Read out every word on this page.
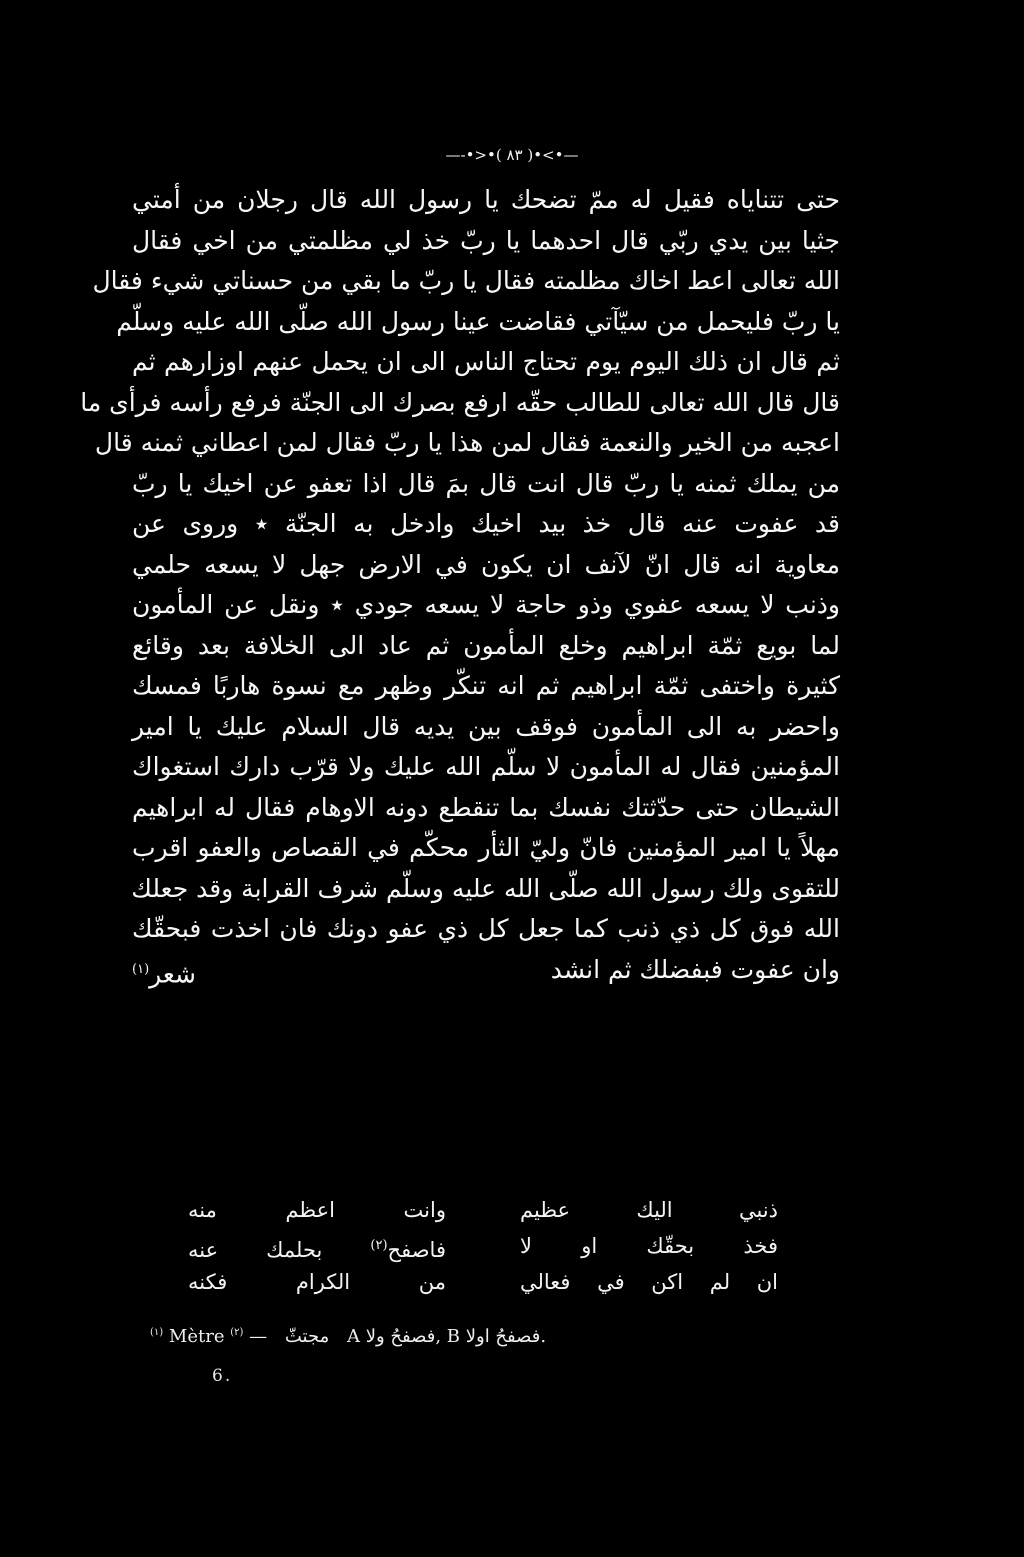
—-•>•( ٨٣ )•<•—
حتى تتناياه فقيل له ممّ تضحك يا رسول الله قال رجلان من أمتي
جثيا بين يدي ربّي قال احدهما يا ربّ خذ لي مظلمتي من اخي فقال
الله تعالى اعط اخاك مظلمته فقال يا ربّ ما بقي من حسناتي شيء فقال
يا ربّ فليحمل من سيّآتي فقاضت عينا رسول الله صلّى الله عليه وسلّم
ثم قال ان ذلك اليوم يوم تحتاج الناس الى ان يحمل عنهم اوزارهم ثم
قال قال الله تعالى للطالب حقّه ارفع بصرك الى الجنّة فرفع رأسه فرأى ما
اعجبه من الخير والنعمة فقال لمن هذا يا ربّ فقال لمن اعطاني ثمنه قال
من يملك ثمنه يا ربّ قال انت قال بمَ قال اذا تعفو عن اخيك يا ربّ
قد عفوت عنه قال خذ بيد اخيك وادخل به الجنّة ٭ وروى عن
معاوية انه قال انّ لآنف ان يكون في الارض جهل لا يسعه حلمي
وذنب لا يسعه عفوي وذو حاجة لا يسعه جودي ٭ ونقل عن المأمون
لما بويع ثمّة ابراهيم وخلع المأمون ثم عاد الى الخلافة بعد وقائع
كثيرة واختفى ثمّة ابراهيم ثم انه تنكّر وظهر مع نسوة هاربًا فمسك
واحضر به الى المأمون فوقف بين يديه قال السلام عليك يا امير
المؤمنين فقال له المأمون لا سلّم الله عليك ولا قرّب دارك استغواك
الشيطان حتى حدّثتك نفسك بما تنقطع دونه الاوهام فقال له ابراهيم
مهلاً يا امير المؤمنين فانّ وليّ الثأر محكّم في القصاص والعفو اقرب
للتقوى ولك رسول الله صلّى الله عليه وسلّم شرف القرابة وقد جعلك
الله فوق كل ذي ذنب كما جعل كل ذي عفو دونك فان اخذت فبحقّك
وان عفوت فبفضلك ثم انشد
شعر$^{(١)}$
ذنبي اليك عظيم
وانت اعظم منه
فخذ بحقّك او لا
فاصفح$^{(٢)}$ بحلمك عنه
ان لم اكن في فعالي
من الكرام فكنه
$^{(١)}$ Mètre مجتثّ — $^{(٢)}$	A فصفحُ ولا, B فصفحُ اولا.
6.
